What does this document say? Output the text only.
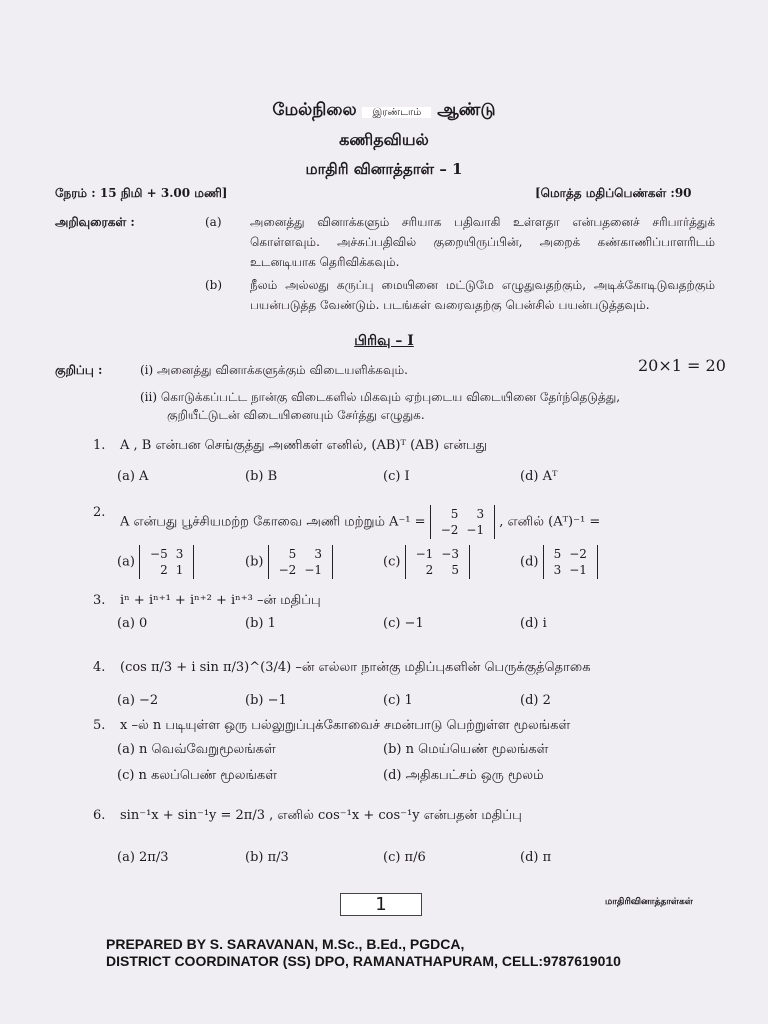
மேல்நிலை இரண்டாம் ஆண்டு
கணிதவியல்
மாதிரி வினாத்தாள் – 1
நேரம் : 15 நிமி + 3.00 மணி]	[மொத்த மதிப்பெண்கள் :90
அறிவுரைகள் :	(a) அனைத்து வினாக்களும் சரியாக பதிவாகி உள்ளதா என்பதனைச் சரிபார்த்துக் கொள்ளவும். அச்சுப்பதிவில் குறையிருப்பின், அறைக் கண்காணிப்பாளரிடம் உடனடியாக தெரிவிக்கவும்.
(b) நீலம் அல்லது கருப்பு மையினை மட்டுமே எழுதுவதற்கும், அடிக்கோடிடுவதற்கும் பயன்படுத்த வேண்டும். படங்கள் வரைவதற்கு பென்சில் பயன்படுத்தவும்.
பிரிவு – I
குறிப்பு :	(i) அனைத்து வினாக்களுக்கும் விடையளிக்கவும்.	20×1 = 20
(ii) கொடுக்கப்பட்ட நான்கு விடைகளில் மிகவும் ஏற்புடைய விடையினை தேர்ந்தெடுத்து,
குறியீட்டுடன் விடையினையும் சேர்த்து எழுதுக.
1. A , B என்பன செங்குத்து அணிகள் எனில், (AB)ᵀ (AB) என்பது
(a) A	(b) B	(c) I	(d) Aᵀ
2.
A என்பது பூச்சியமற்ற கோவை அணி மற்றும் A⁻¹ =
5	3
−2	−1
, எனில் (Aᵀ)⁻¹ =
(a)
−5	3
2	1
(b)
5	3
−2	−1
(c)
−1	−3
2	5
(d)
5	−2
3	−1
3. iⁿ + iⁿ⁺¹ + iⁿ⁺² + iⁿ⁺³ –ன் மதிப்பு
(a) 0	(b) 1	(c) −1	(d) i
4. (cos π/3 + i sin π/3)^(3/4) –ன் எல்லா நான்கு மதிப்புகளின் பெருக்குத்தொகை
(a) −2	(b) −1	(c) 1	(d) 2
5. x –ல் n படியுள்ள ஒரு பல்லுறுப்புக்கோவைச் சமன்பாடு பெற்றுள்ள மூலங்கள்
(a) n வெவ்வேறுமூலங்கள்	(b) n மெய்யெண் மூலங்கள்
(c) n கலப்பெண் மூலங்கள்	(d) அதிகபட்சம் ஒரு மூலம்
6. sin⁻¹x + sin⁻¹y = 2π/3 , எனில் cos⁻¹x + cos⁻¹y என்பதன் மதிப்பு
(a) 2π/3	(b) π/3	(c) π/6	(d) π
1	மாதிரிவினாத்தாள்கள்
PREPARED BY S. SARAVANAN, M.Sc., B.Ed., PGDCA,
DISTRICT COORDINATOR (SS) DPO, RAMANATHAPURAM, CELL:9787619010
